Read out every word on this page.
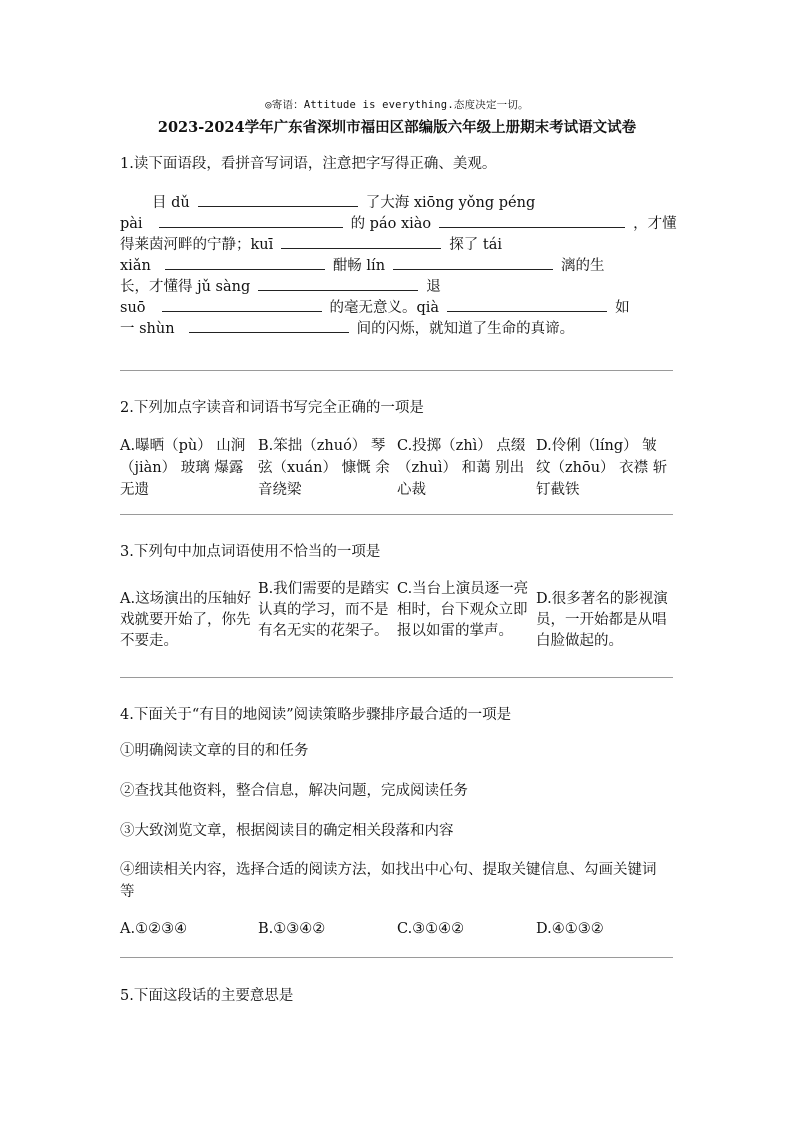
◎寄语：Attitude is everything.态度决定一切。
2023-2024学年广东省深圳市福田区部编版六年级上册期末考试语文试卷
1.读下面语段，看拼音写词语，注意把字写得正确、美观。
目 dǔ	了大海 xiōng yǒng péng
pài	的 páo xiào	，才懂
得莱茵河畔的宁静；kuī	探了 tái
xiǎn	酣畅 lín	漓的生
长，才懂得 jǔ sàng	退
suō	的毫无意义。qià	如
一 shùn	间的闪烁，就知道了生命的真谛。
2.下列加点字读音和词语书写完全正确的一项是
A.曝晒（pù） 山涧（jiàn） 玻璃 爆露无遗
B.笨拙（zhuó） 琴弦（xuán） 慷慨 余音绕梁
C.投掷（zhì） 点缀（zhuì） 和蔼 别出心裁
D.伶俐（líng） 皱纹（zhōu） 衣襟 斩钉截铁
3.下列句中加点词语使用不恰当的一项是
A.这场演出的压轴好戏就要开始了，你先不要走。
B.我们需要的是踏实认真的学习，而不是有名无实的花架子。
C.当台上演员逐一亮相时，台下观众立即报以如雷的掌声。
D.很多著名的影视演员，一开始都是从唱白脸做起的。
4.下面关于“有目的地阅读”阅读策略步骤排序最合适的一项是
①明确阅读文章的目的和任务
②查找其他资料，整合信息，解决问题，完成阅读任务
③大致浏览文章，根据阅读目的确定相关段落和内容
④细读相关内容，选择合适的阅读方法，如找出中心句、提取关键信息、勾画关键词等
A.①②③④	B.①③④②	C.③①④②	D.④①③②
5.下面这段话的主要意思是
